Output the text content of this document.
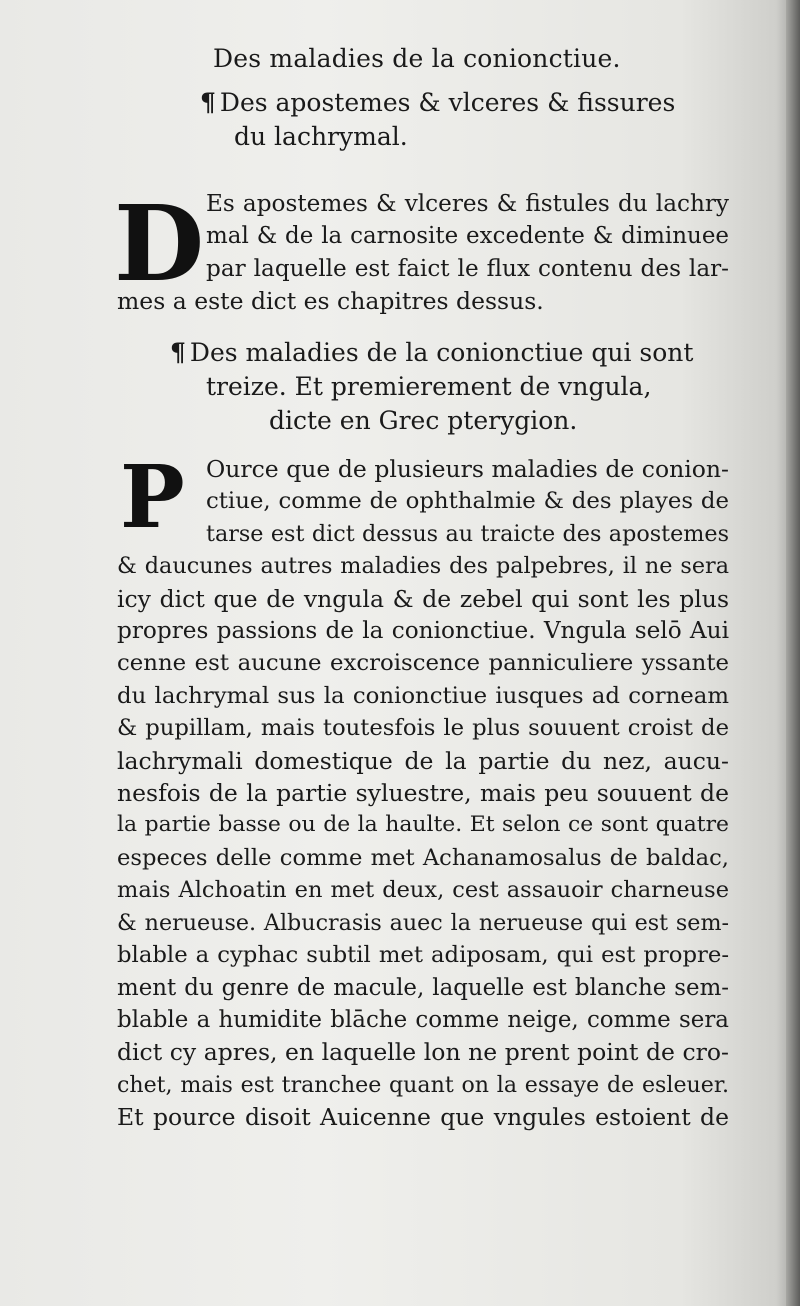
Des maladies de la conionctiue.
¶ Des apostemes & vlceres & fissures
du lachrymal.
D Es apostemes & vlceres & fistules du lachry
mal & de la carnosite excedente & diminuee
par laquelle est faict le flux contenu des lar-
mes a este dict es chapitres dessus.
¶ Des maladies de la conionctiue qui sont
treize. Et premierement de vngula,
dicte en Grec pterygion.
P Ource que de plusieurs maladies de conion-
ctiue, comme de ophthalmie & des playes de
tarse est dict dessus au traicte des apostemes
& daucunes autres maladies des palpebres, il ne sera
icy dict que de vngula & de zebel qui sont les plus
propres passions de la conionctiue. Vngula selō Aui
cenne est aucune excroiscence panniculiere yssante
du lachrymal sus la conionctiue iusques ad corneam
& pupillam, mais toutesfois le plus souuent croist de
lachrymali domestique de la partie du nez, aucu-
nesfois de la partie syluestre, mais peu souuent de
la partie basse ou de la haulte. Et selon ce sont quatre
especes delle comme met Achanamosalus de baldac,
mais Alchoatin en met deux, cest assauoir charneuse
& nerueuse. Albucrasis auec la nerueuse qui est sem-
blable a cyphac subtil met adiposam, qui est propre-
ment du genre de macule, laquelle est blanche sem-
blable a humidite blāche comme neige, comme sera
dict cy apres, en laquelle lon ne prent point de cro-
chet, mais est tranchee quant on la essaye de esleuer.
Et pource disoit Auicenne que vngules estoient de
